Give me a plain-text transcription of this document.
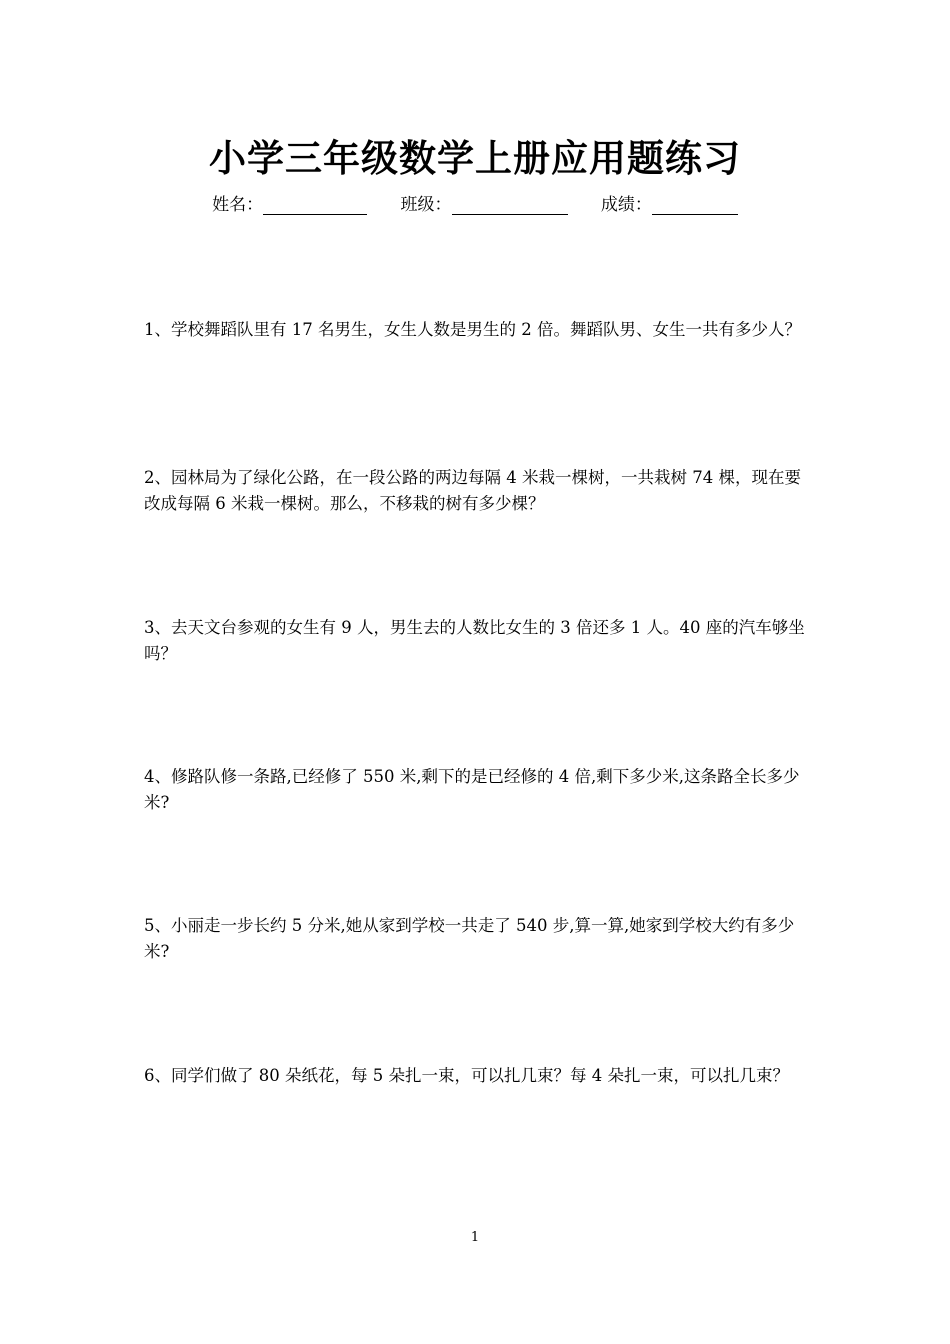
小学三年级数学上册应用题练习
姓名：	班级：	成绩：
1、学校舞蹈队里有 17 名男生，女生人数是男生的 2 倍。舞蹈队男、女生一共有多少人？
2、园林局为了绿化公路，在一段公路的两边每隔 4 米栽一棵树，一共栽树 74 棵，现在要改成每隔 6 米栽一棵树。那么，不移栽的树有多少棵？
3、去天文台参观的女生有 9 人，男生去的人数比女生的 3 倍还多 1 人。40 座的汽车够坐吗？
4、修路队修一条路,已经修了 550 米,剩下的是已经修的 4 倍,剩下多少米,这条路全长多少米?
5、小丽走一步长约 5 分米,她从家到学校一共走了 540 步,算一算,她家到学校大约有多少米?
6、同学们做了 80 朵纸花，每 5 朵扎一束，可以扎几束？每 4 朵扎一束，可以扎几束？
1
